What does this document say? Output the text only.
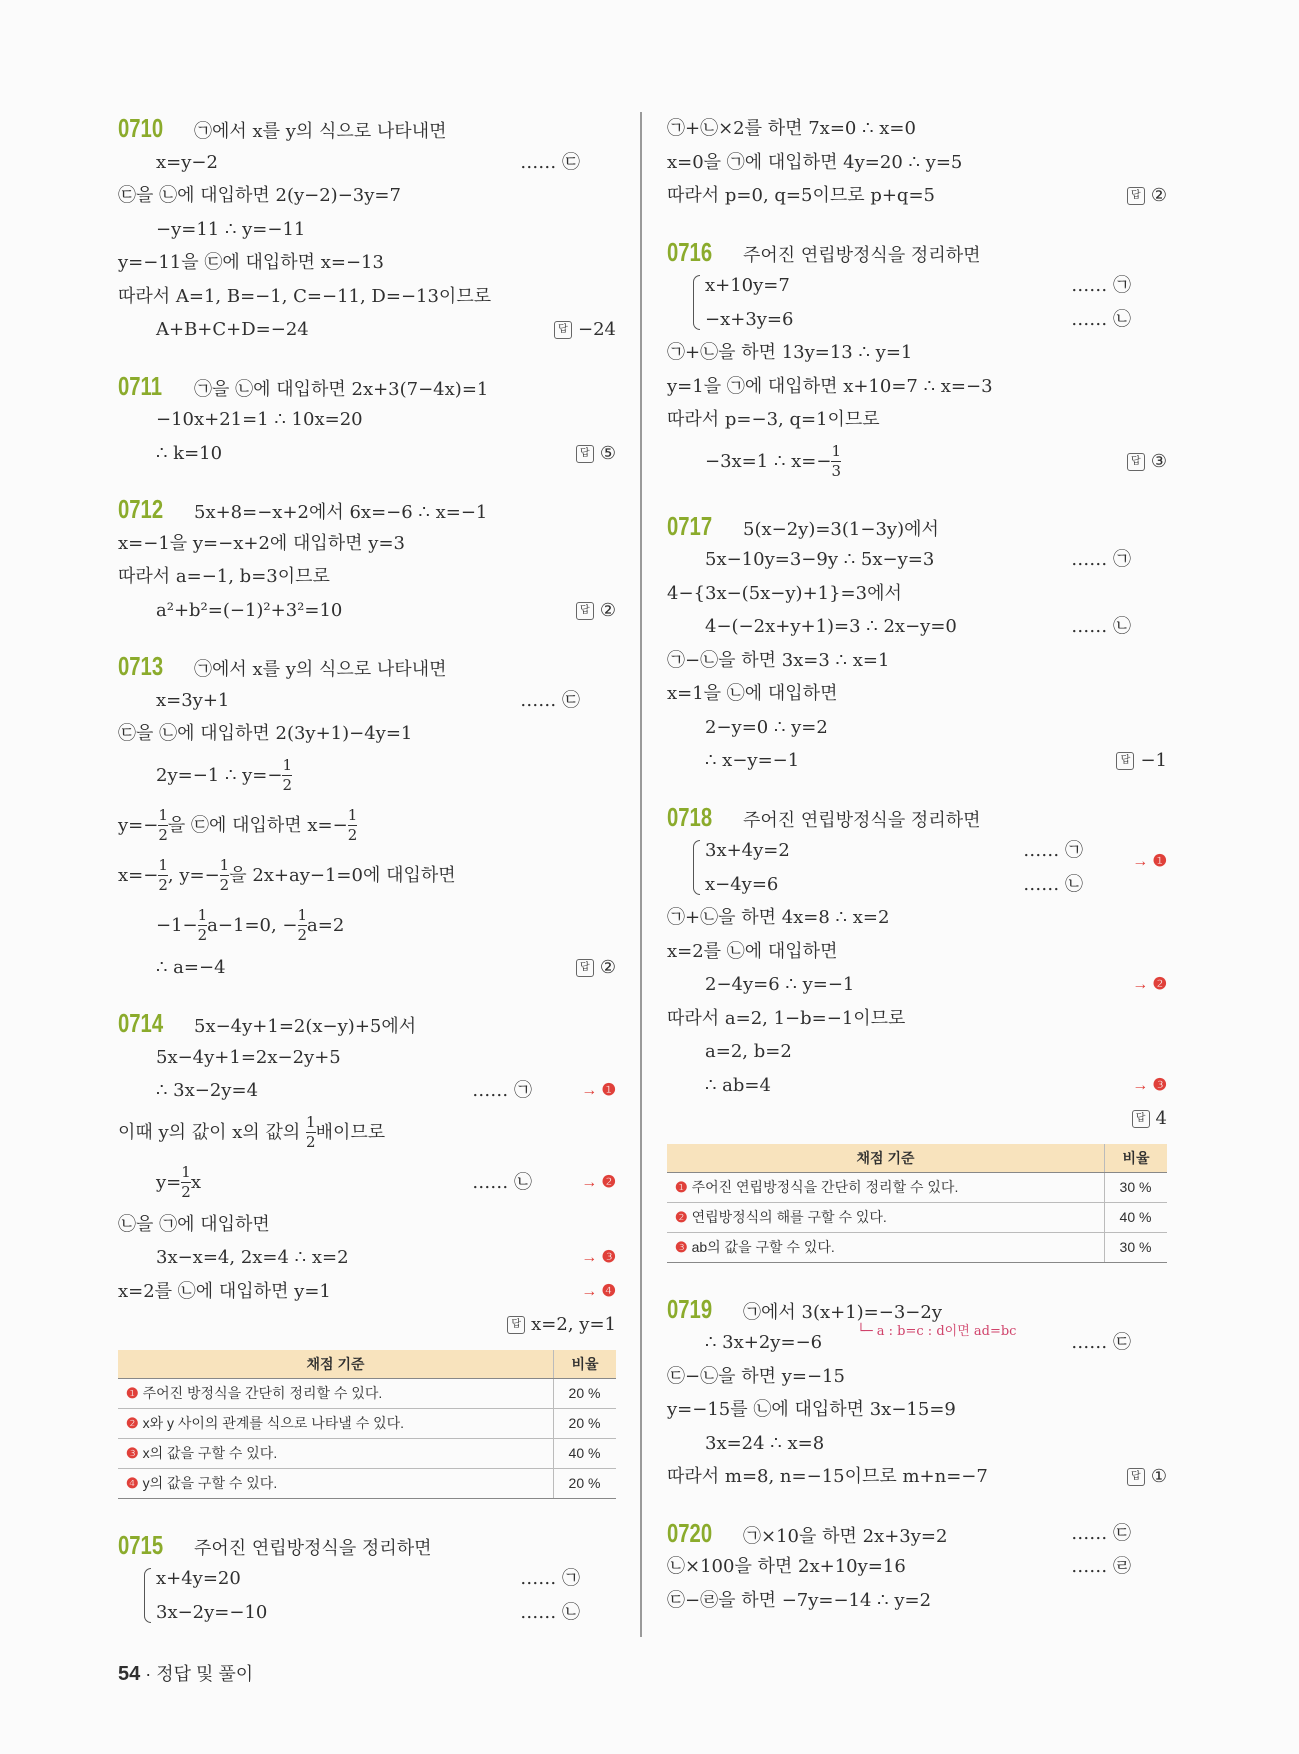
0710 ㉠에서 x를 y의 식으로 나타내면
x=y−2	…… ㉢
㉢을 ㉡에 대입하면 2(y−2)−3y=7
−y=11 ∴ y=−11
y=−11을 ㉢에 대입하면 x=−13
따라서 A=1, B=−1, C=−11, D=−13이므로
A+B+C+D=−24	답 −24
0711 ㉠을 ㉡에 대입하면 2x+3(7−4x)=1
−10x+21=1 ∴ 10x=20
∴ k=10	답 ⑤
0712 5x+8=−x+2에서 6x=−6 ∴ x=−1
x=−1을 y=−x+2에 대입하면 y=3
따라서 a=−1, b=3이므로
a²+b²=(−1)²+3²=10	답 ②
0713 ㉠에서 x를 y의 식으로 나타내면
x=3y+1	…… ㉢
㉢을 ㉡에 대입하면 2(3y+1)−4y=1
2y=−1 ∴ $y=- \frac{1}{2}$
$y=- \frac{1}{2}$ 을 ㉢에 대입하면 $x=- \frac{1}{2}$
$x=- \frac{1}{2}$ , $y=- \frac{1}{2}$ 을 2x+ay−1=0에 대입하면
$-1- \frac{1}{2} a-1=0$, − $\frac{1}{2} a=2$
∴ a=−4	답 ②
0714 5x−4y+1=2(x−y)+5에서
5x−4y+1=2x−2y+5
∴ 3x−2y=4	…… ㉠	→ ❶
이때 y의 값이 x의 값의 $\frac{1}{2}$ 배이므로
$y= \frac{1}{2}$ x	…… ㉡	→ ❷
㉡을 ㉠에 대입하면
3x−x=4, 2x=4 ∴ x=2	→ ❸
x=2를 ㉡에 대입하면 y=1	→ ❹
답 x=2, y=1
채점 기준	비율
❶ 주어진 방정식을 간단히 정리할 수 있다.	20 %
❷ x와 y 사이의 관계를 식으로 나타낼 수 있다.	20 %
❸ x의 값을 구할 수 있다.	40 %
❹ y의 값을 구할 수 있다.	20 %
0715 주어진 연립방정식을 정리하면
x+4y=20	…… ㉠
3x−2y=−10	…… ㉡
㉠+㉡×2를 하면 7x=0 ∴ x=0
x=0을 ㉠에 대입하면 4y=20 ∴ y=5
따라서 p=0, q=5이므로 p+q=5	답 ②
0716 주어진 연립방정식을 정리하면
x+10y=7	…… ㉠
−x+3y=6	…… ㉡
㉠+㉡을 하면 13y=13 ∴ y=1
y=1을 ㉠에 대입하면 x+10=7 ∴ x=−3
따라서 p=−3, q=1이므로
−3x=1 ∴ $x=- \frac{1}{3}$	답 ③
0717 5(x−2y)=3(1−3y)에서
5x−10y=3−9y ∴ 5x−y=3	…… ㉠
4−{3x−(5x−y)+1}=3에서
4−(−2x+y+1)=3 ∴ 2x−y=0	…… ㉡
㉠−㉡을 하면 3x=3 ∴ x=1
x=1을 ㉡에 대입하면
2−y=0 ∴ y=2
∴ x−y=−1	답 −1
0718 주어진 연립방정식을 정리하면
3x+4y=2	…… ㉠
x−4y=6	…… ㉡
→ ❶
㉠+㉡을 하면 4x=8 ∴ x=2
x=2를 ㉡에 대입하면
2−4y=6 ∴ y=−1	→ ❷
따라서 a=2, 1−b=−1이므로
a=2, b=2
∴ ab=4	→ ❸
답 4
채점 기준	비율
❶ 주어진 연립방정식을 간단히 정리할 수 있다.	30 %
❷ 연립방정식의 해를 구할 수 있다.	40 %
❸ ab의 값을 구할 수 있다.	30 %
0719 ㉠에서 3(x+1)=−3−2y
└─ a : b=c : d이면 ad=bc
∴ 3x+2y=−6	…… ㉢
㉢−㉡을 하면 y=−15
y=−15를 ㉡에 대입하면 3x−15=9
3x=24 ∴ x=8
따라서 m=8, n=−15이므로 m+n=−7	답 ①
0720 ㉠×10을 하면 2x+3y=2	…… ㉢
㉡×100을 하면 2x+10y=16	…… ㉣
㉢−㉣을 하면 −7y=−14 ∴ y=2
54 · 정답 및 풀이
